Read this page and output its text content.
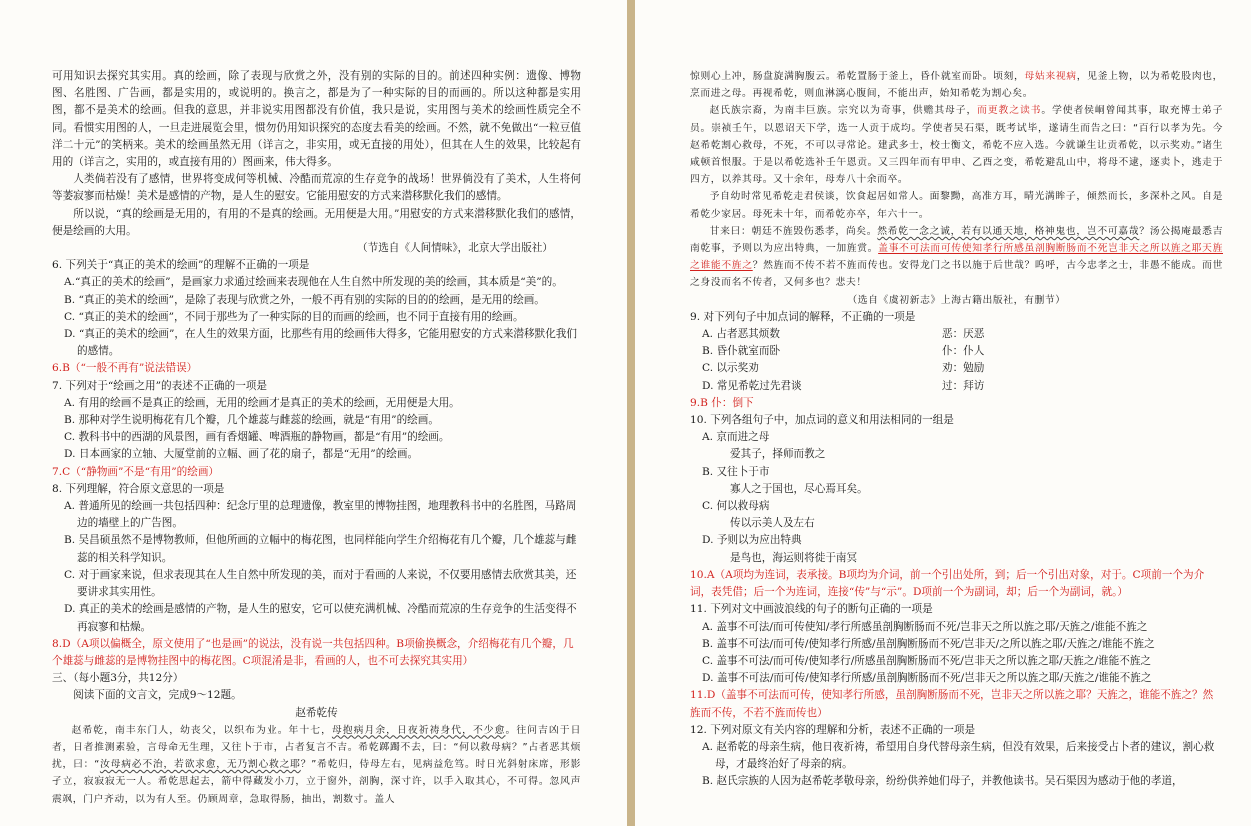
可用知识去探究其实用。真的绘画，除了表现与欣赏之外，没有别的实际的目的。前述四种实例：遗像、博物图、名胜图、广告画，都是实用的，或说明的。换言之，都是为了一种实际的目的而画的。所以这种都是实用图，都不是美术的绘画。但我的意思，并非说实用图都没有价值，我只是说，实用图与美术的绘画性质完全不同。看惯实用图的人，一旦走进展览会里，惯勿仍用知识探究的态度去看美的绘画。不然，就不免做出“一粒豆值洋二十元”的笑柄来。美术的绘画虽然无用（详言之，非实用，或无直接的用处），但其在人生的效果，比较起有用的（详言之，实用的，或直接有用的）图画来，伟大得多。

人类倘若没有了感情，世界将变成何等机械、冷酷而荒凉的生存竞争的战场！世界倘没有了美术，人生将何等萎寂寥而枯燥！美术是感情的产物，是人生的慰安。它能用慰安的方式来潜移默化我们的感情。

所以说，“真的绘画是无用的，有用的不是真的绘画。无用便是大用。”用慰安的方式来潜移默化我们的感情，便是绘画的大用。

（节选自《人间情味》，北京大学出版社）

6. 下列关于“真正的美术的绘画”的理解不正确的一项是

A.“真正的美术的绘画”，是画家力求通过绘画来表现他在人生自然中所发现的美的绘画，其本质是“美”的。

B. “真正的美术的绘画”，是除了表现与欣赏之外，一般不再有别的实际的目的的绘画，是无用的绘画。

C. “真正的美术的绘画”，不同于那些为了一种实际的目的而画的绘画，也不同于直接有用的绘画。

D. “真正的美术的绘画”，在人生的效果方面，比那些有用的绘画伟大得多，它能用慰安的方式来潜移默化我们的感情。

6.B（“一般不再有”说法错误）

7. 下列对于“绘画之用”的表述不正确的一项是

A. 有用的绘画不是真正的绘画，无用的绘画才是真正的美术的绘画，无用便是大用。

B. 那种对学生说明梅花有几个瓣，几个雄蕊与雌蕊的绘画，就是“有用”的绘画。

C. 教科书中的西湖的风景图，画有香烟罐、啤酒瓶的静物画，都是“有用”的绘画。

D. 日本画家的立轴、大厦堂前的立幅、画了花的扇子，都是“无用”的绘画。

7.C（“静物画”不是“有用”的绘画）

8. 下列理解，符合原文意思的一项是

A. 普通所见的绘画一共包括四种：纪念厅里的总理遗像，教室里的博物挂图，地理教科书中的名胜图，马路周边的墙壁上的广告图。

B. 吴昌硕虽然不是博物教师，但他所画的立幅中的梅花图，也同样能向学生介绍梅花有几个瓣，几个雄蕊与雌蕊的相关科学知识。

C. 对于画家来说，但求表现其在人生自然中所发现的美，而对于看画的人来说，不仅要用感情去欣赏其美，还要讲求其实用性。

D. 真正的美术的绘画是感情的产物，是人生的慰安，它可以使充满机械、冷酷而荒凉的生存竞争的生活变得不再寂寥和枯燥。

8.D（A项以偏概全，原文使用了“也是画”的说法，没有说一共包括四种。B项偷换概念，介绍梅花有几个瓣，几个雄蕊与雌蕊的是博物挂图中的梅花图。C项混淆是非，看画的人，也不可去探究其实用）

三、（每小题3分，共12分）

阅读下面的文言文，完成9～12题。

赵希乾传

赵希乾，南丰东门人，幼丧父，以织布为业。年十七，母抱病月余，日夜祈祷身代，不少愈。往问吉凶于日者，日者推测素验，言母命无生理，又往卜于市，占者复言不吉。希乾踯躅不去，曰：“何以救母病？”占者恶其烦扰，曰：“汝母病必不治，若欲求愈，无乃割心救之耶？”希乾归，侍母左右，见病益危笃。时日光斜射床席，形影孑立，寂寂寂无一人。希乾思起去，箭中得藏发小刀，立于窗外，剖胸，深寸许，以手入取其心，不可得。忽风声震飒，门户齐动，以为有人至。仍顾周章，急取得肠，抽出，割数寸。盖人

惊则心上冲，肠盘旋满胸腹云。希乾置肠于釜上，昏仆就室而卧。顷刻，母姑来视病，见釜上物，以为希乾股肉也，烹而进之母。再视希乾，则血淋漓心腹间，不能出声，始知希乾为割心矣。

赵氏族宗裔，为南丰巨族。宗究以为奇事，供赡其母子，而更教之读书。学使者侯峒曾闻其事，取充博士弟子员。崇祯壬午，以恩诏天下学，选一人贡于成均。学使者吴石渠，既考试毕，遂请生而告之曰：“百行以孝为先。今赵希乾割心救母，不死，不可以寻常论。建武多士，校士衡文，希乾不应入选。今就谦生让贡希乾，以示奖劝。”诸生咸顿首恨服。于是以希乾选补壬午恩贡。又三四年而有甲申、乙酉之变，希乾避乱山中，将母不逮，逐卖卜，逃走于四方，以养其母。又十余年，母寿八十余而卒。

予自幼时常见希乾走君侯谈，饮食起居如常人。面黎黝，高准方耳，晴光满眸子，倾然而长，多深朴之风。自是希乾少家居。母死未十年，而希乾亦卒，年六十一。

甘来曰：朝廷不旌毁伤悉孝，尚矣。然希乾一念之诚，若有以通天地，格神鬼也，岂不可嘉哉？汤公揭庵最悉吉南乾事，予则以为应出特典，一加旌赏。盖事不可法而可传使知孝行所感虽剖胸断肠而不死岂非天之所以旌之耶天旌之谁能不旌之？然旌而不传不若不旌而传也。安得龙门之书以施于后世哉？呜呼，古今忠孝之士，非愚不能成。而世之身没而名不传者，又何多也？悲夫！

（选自《虞初新志》上海古籍出版社，有删节）

9. 对下列句子中加点词的解释，不正确的一项是

A. 占者恶其烦数	恶：厌恶
B. 昏仆就室而卧	仆：仆人
C. 以示奖劝	劝：勉励
D. 常见希乾过先君谈	过：拜访

9.B 仆：倒下

10. 下列各组句子中，加点词的意义和用法相同的一组是

A. 京而进之母

爱其子，择师而教之

B. 又往卜于市

寡人之于国也，尽心焉耳矣。

C. 何以救母病

传以示美人及左右

D. 予则以为应出特典

是鸟也，海运则将徙于南冥

10.A（A项均为连词，表承接。B项均为介词，前一个引出处所，到；后一个引出对象，对于。C项前一个为介词，表凭借；后一个为连词，连接“传”与“示”。D项前一个为副词，却；后一个为副词，就。）

11. 下列对文中画波浪线的句子的断句正确的一项是

A. 盖事不可法/而可传使知/孝行所感虽剖胸断肠而不死/岂非天之所以旌之耶/天旌之/谁能不旌之

B. 盖事不可法/而可传/使知孝行所感/虽剖胸断肠而不死/岂非天/之所以旌之耶/天旌之/谁能不旌之

C. 盖事不可法/而可传/使知孝行/所感虽剖胸断肠而不死/岂非天之所以旌之耶/天旌之/谁能不旌之

D. 盖事不可法/而可传/使知孝行所感/虽剖胸断肠而不死/岂非天之所以旌之耶/天旌之/谁能不旌之

11.D（盖事不可法而可传，使知孝行所感，虽剖胸断肠而不死，岂非天之所以旌之耶？天旌之，谁能不旌之？然旌而不传，不若不旌而传也）

12. 下列对原文有关内容的理解和分析，表述不正确的一项是

A. 赵希乾的母亲生病，他日夜祈祷，希望用自身代替母亲生病，但没有效果，后来接受占卜者的建议，割心救母，才最终治好了母亲的病。

B. 赵氏宗族的人因为赵希乾孝敬母亲，纷纷供养她们母子，并教他读书。吴石渠因为感动于他的孝道，
